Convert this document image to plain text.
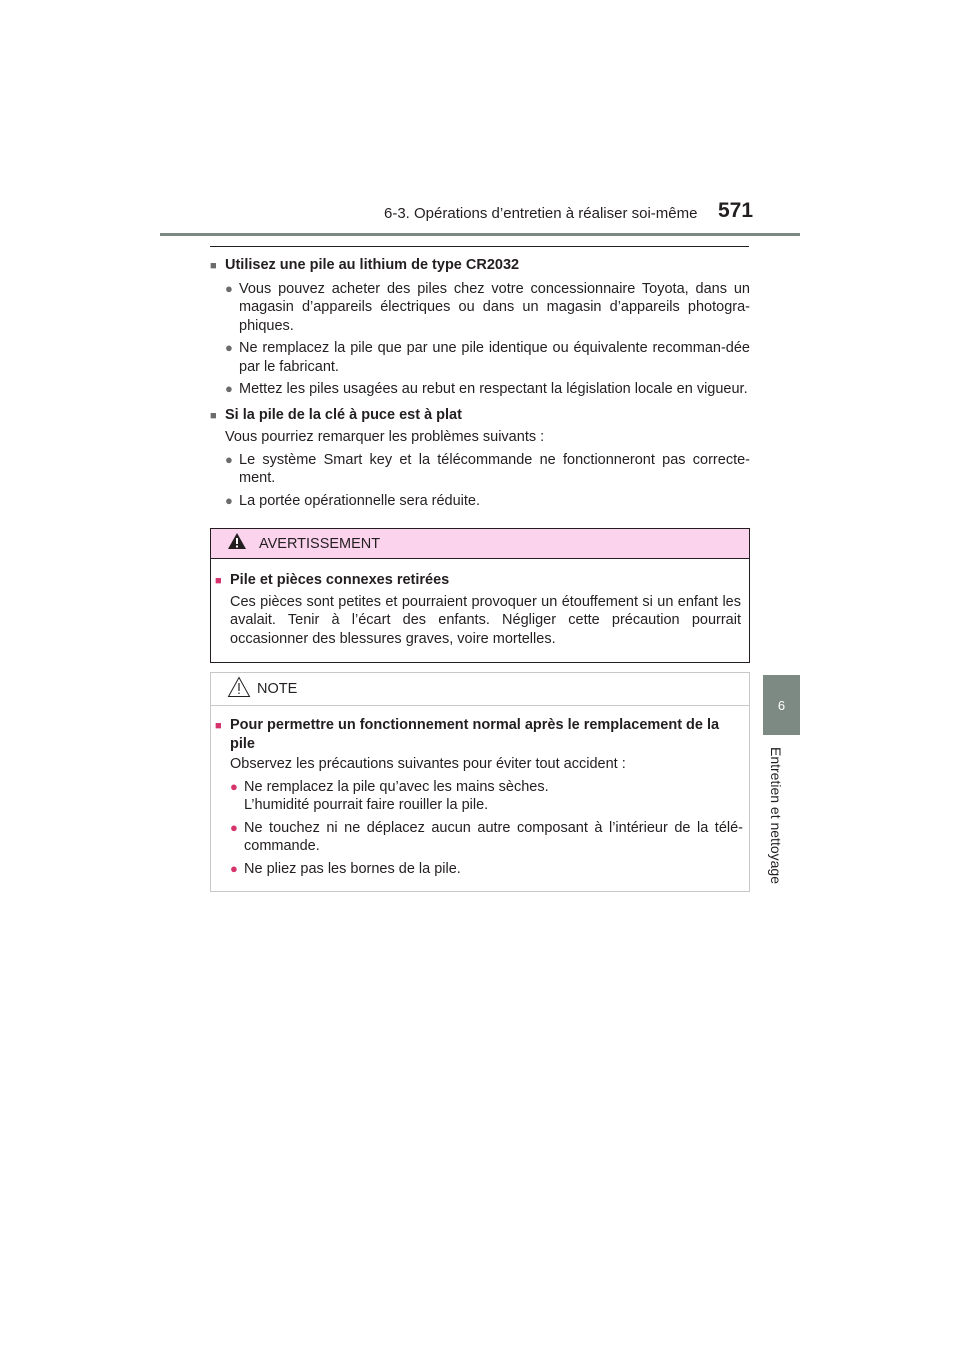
6-3. Opérations d’entretien à réaliser soi-même 571
6
Entretien et nettoyage
■ Utilisez une pile au lithium de type CR2032
● Vous pouvez acheter des piles chez votre concessionnaire Toyota, dans un magasin d’appareils électriques ou dans un magasin d’appareils photogra-phiques.
● Ne remplacez la pile que par une pile identique ou équivalente recomman-dée par le fabricant.
● Mettez les piles usagées au rebut en respectant la législation locale en vigueur.
■ Si la pile de la clé à puce est à plat
Vous pourriez remarquer les problèmes suivants :
● Le système Smart key et la télécommande ne fonctionneront pas correcte-ment.
● La portée opérationnelle sera réduite.
AVERTISSEMENT
■ Pile et pièces connexes retirées
Ces pièces sont petites et pourraient provoquer un étouffement si un enfant les avalait. Tenir à l’écart des enfants. Négliger cette précaution pourrait occasionner des blessures graves, voire mortelles.
NOTE
■ Pour permettre un fonctionnement normal après le remplacement de la pile
Observez les précautions suivantes pour éviter tout accident :
● Ne remplacez la pile qu’avec les mains sèches.
L’humidité pourrait faire rouiller la pile.
● Ne touchez ni ne déplacez aucun autre composant à l’intérieur de la télé-commande.
● Ne pliez pas les bornes de la pile.
